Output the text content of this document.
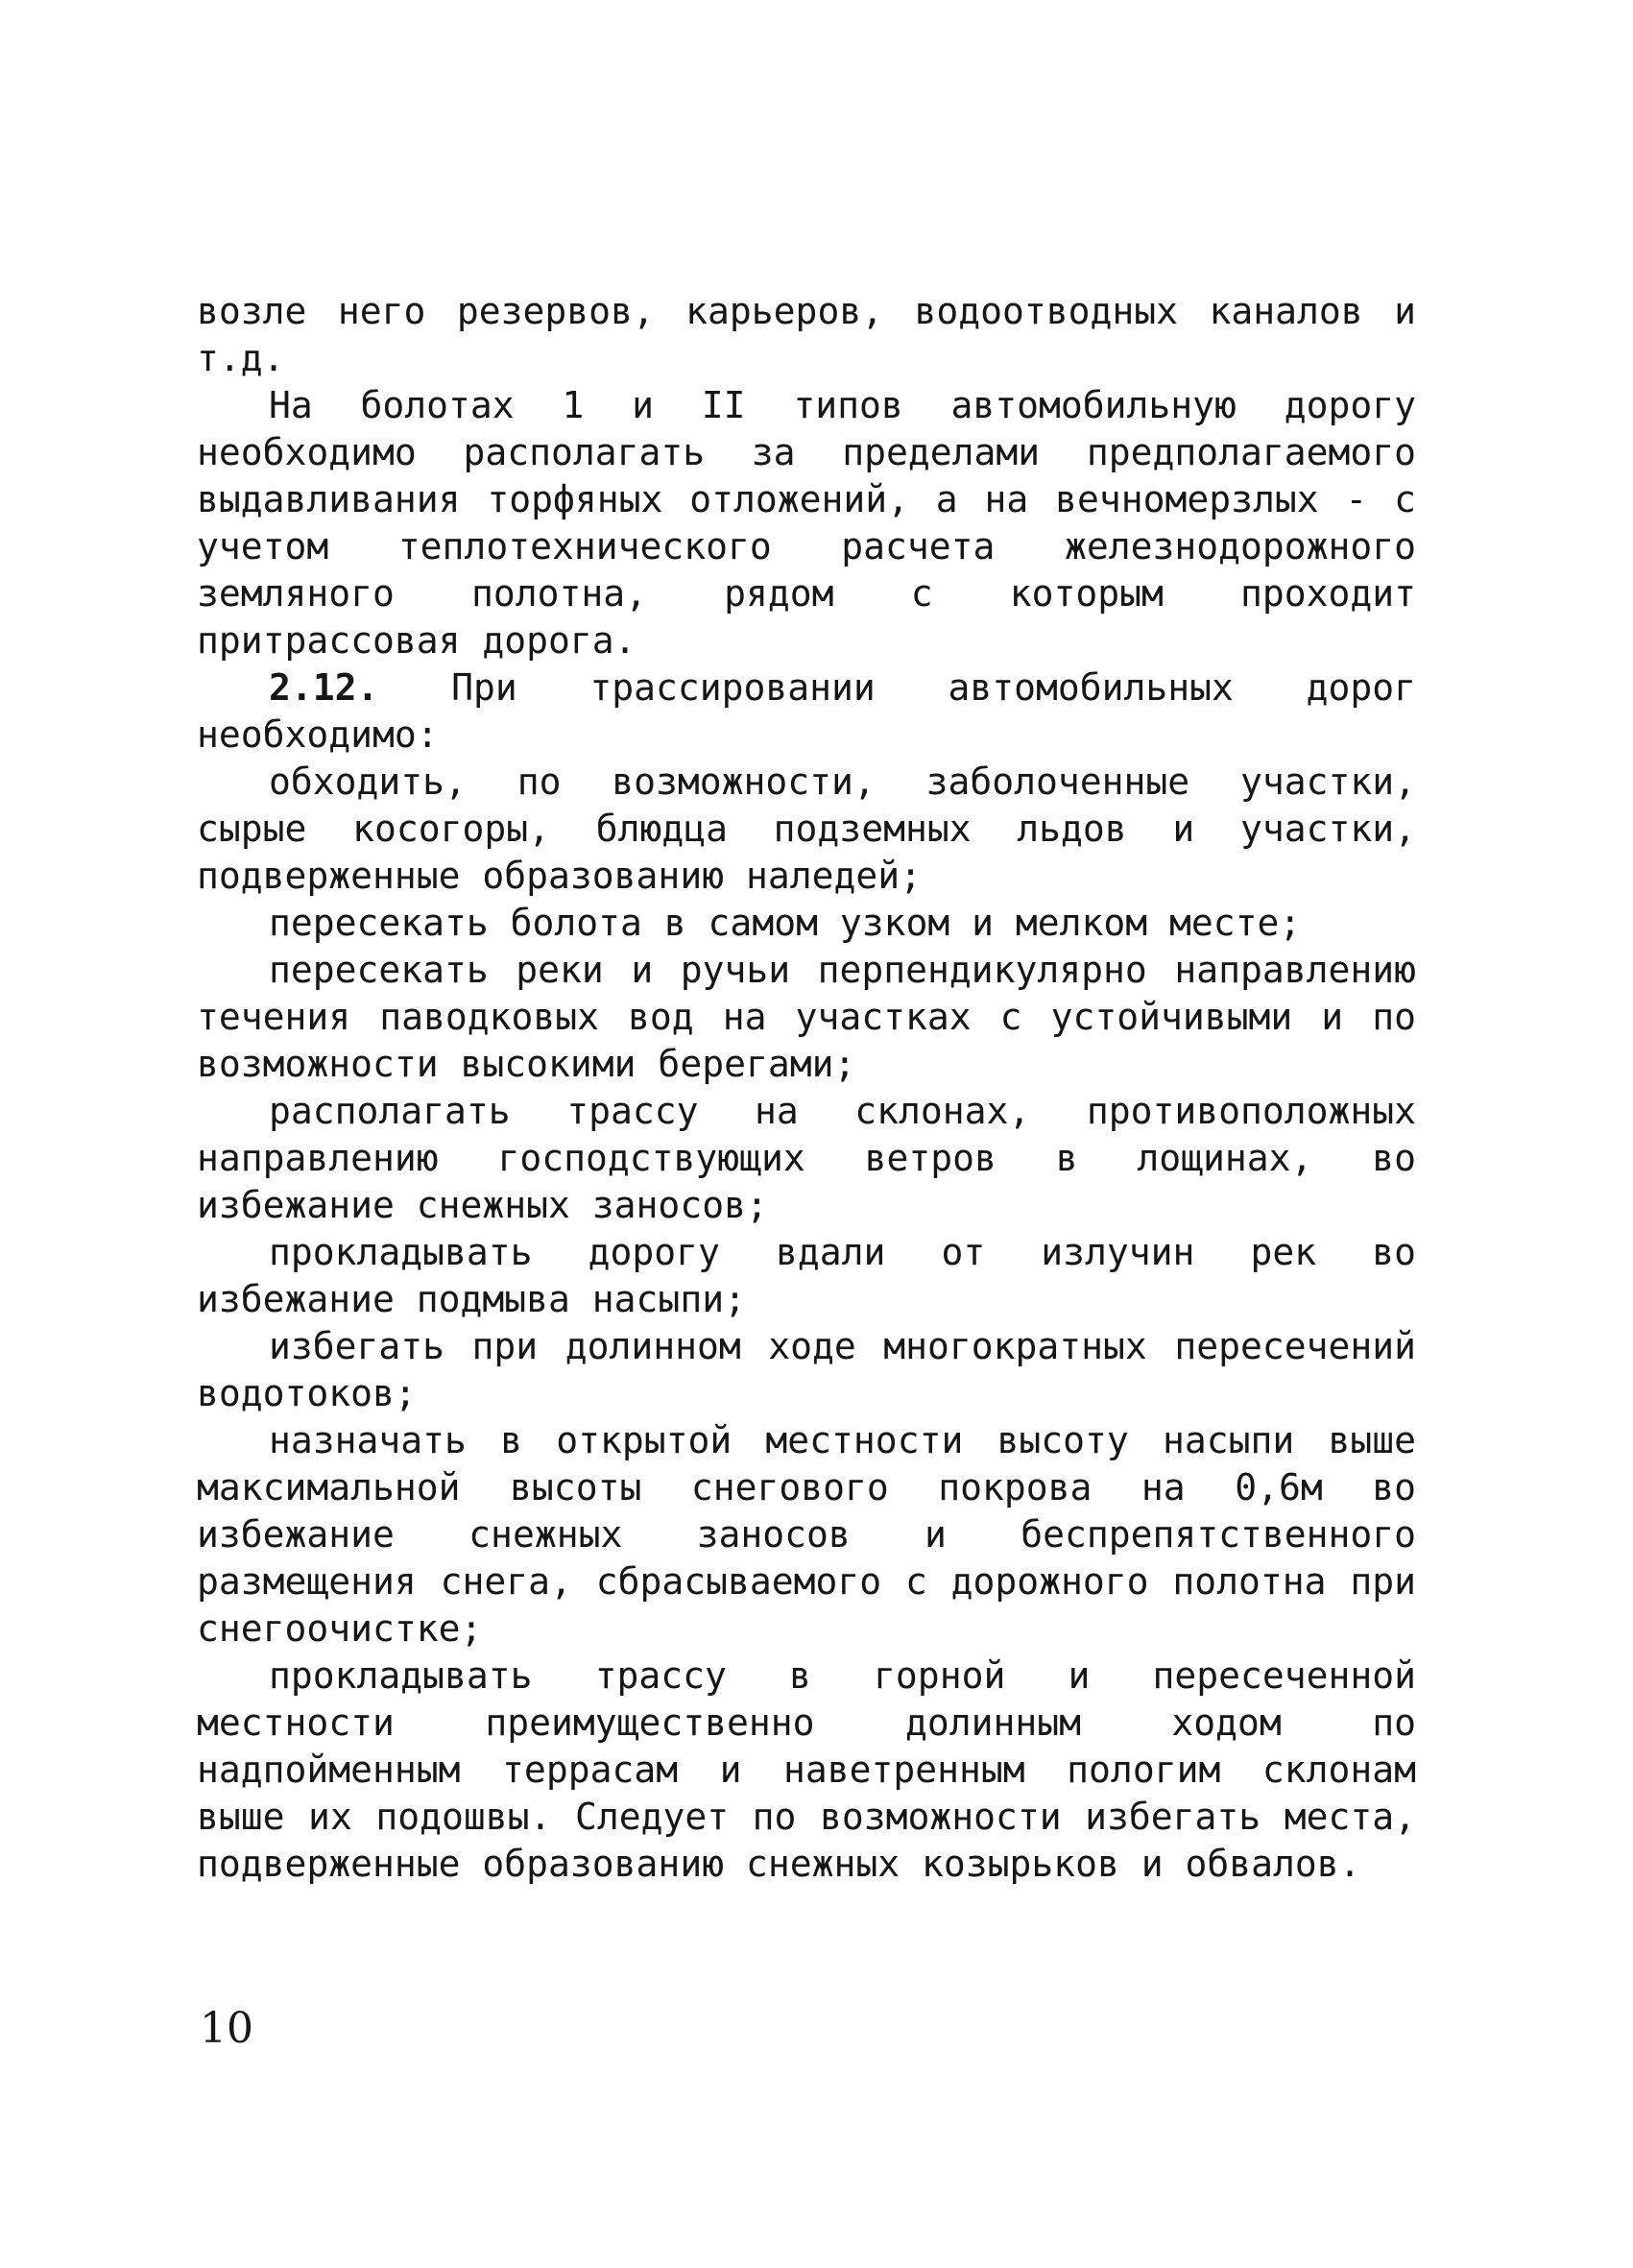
возле него резервов, карьеров, водоотводных каналов и т.д.

На болотах 1 и II типов автомобильную дорогу необходимо располагать за пределами предполагаемого выдавливания торфяных отложений, а на вечномерзлых - с учетом теплотехнического расчета железнодорожного земляного полотна, рядом с которым проходит притрассовая дорога.

2.12. При трассировании автомобильных дорог необходимо:

обходить, по возможности, заболоченные участки, сырые косогоры, блюдца подземных льдов и участки, подверженные образованию наледей;

пересекать болота в самом узком и мелком месте;

пересекать реки и ручьи перпендикулярно направлению течения паводковых вод на участках с устойчивыми и по возможности высокими берегами;

располагать трассу на склонах, противоположных направлению господствующих ветров в лощинах, во избежание снежных заносов;

прокладывать дорогу вдали от излучин рек во избежание подмыва насыпи;

избегать при долинном ходе многократных пересечений водотоков;

назначать в открытой местности высоту насыпи выше максимальной высоты снегового покрова на 0,6м во избежание снежных заносов и беспрепятственного размещения снега, сбрасываемого с дорожного полотна при снегоочистке;

прокладывать трассу в горной и пересеченной местности преимущественно долинным ходом по надпойменным террасам и наветренным пологим склонам выше их подошвы. Следует по возможности избегать места, подверженные образованию снежных козырьков и обвалов.

10
